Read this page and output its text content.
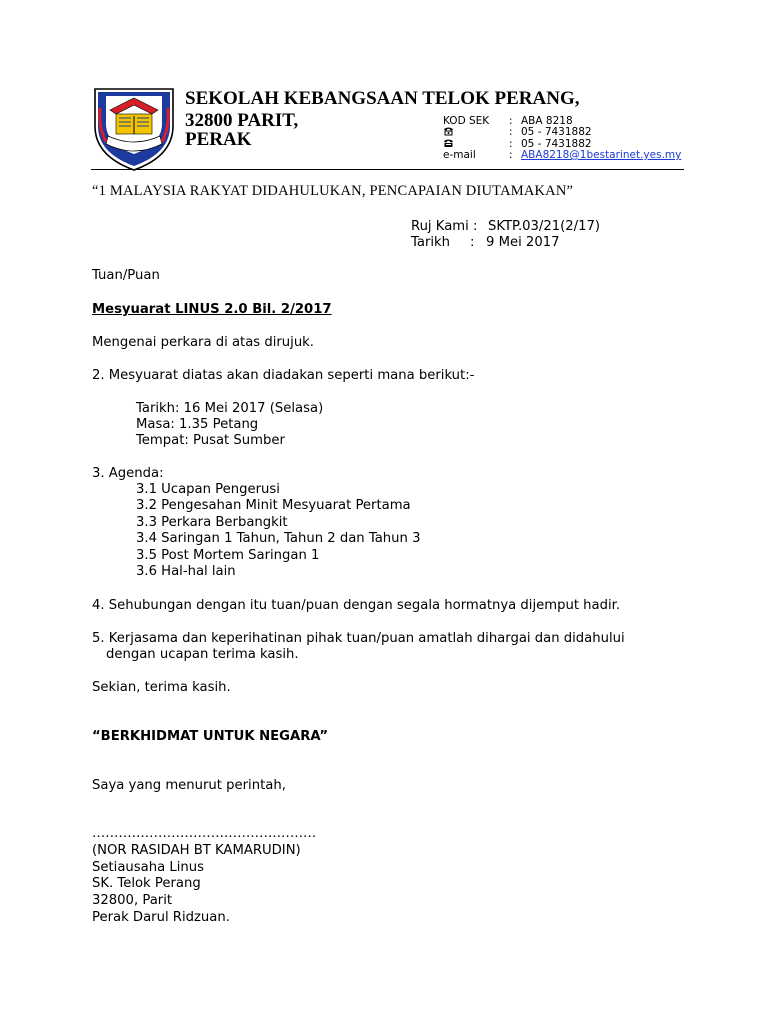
SEKOLAH KEBANGSAAN TELOK PERANG,
32800 PARIT,
PERAK
KOD SEK : ABA 8218
: 05 - 7431882
: 05 - 7431882
e-mail	: ABA8218@1bestarinet.yes.my
“1 MALAYSIA RAKYAT DIDAHULUKAN, PENCAPAIAN DIUTAMAKAN”
Ruj Kami : SKTP.03/21(2/17)
Tarikh : 9 Mei 2017
Tuan/Puan
Mesyuarat LINUS 2.0 Bil. 2/2017
Mengenai perkara di atas dirujuk.
2. Mesyuarat diatas akan diadakan seperti mana berikut:-
Tarikh: 16 Mei 2017 (Selasa)
Masa: 1.35 Petang
Tempat: Pusat Sumber
3. Agenda:
3.1 Ucapan Pengerusi
3.2 Pengesahan Minit Mesyuarat Pertama
3.3 Perkara Berbangkit
3.4 Saringan 1 Tahun, Tahun 2 dan Tahun 3
3.5 Post Mortem Saringan 1
3.6 Hal-hal lain
4. Sehubungan dengan itu tuan/puan dengan segala hormatnya dijemput hadir.
5. Kerjasama dan keperihatinan pihak tuan/puan amatlah dihargai dan didahului
dengan ucapan terima kasih.
Sekian, terima kasih.
“BERKHIDMAT UNTUK NEGARA”
Saya yang menurut perintah,
……………………………………………
(NOR RASIDAH BT KAMARUDIN)
Setiausaha Linus
SK. Telok Perang
32800, Parit
Perak Darul Ridzuan.
